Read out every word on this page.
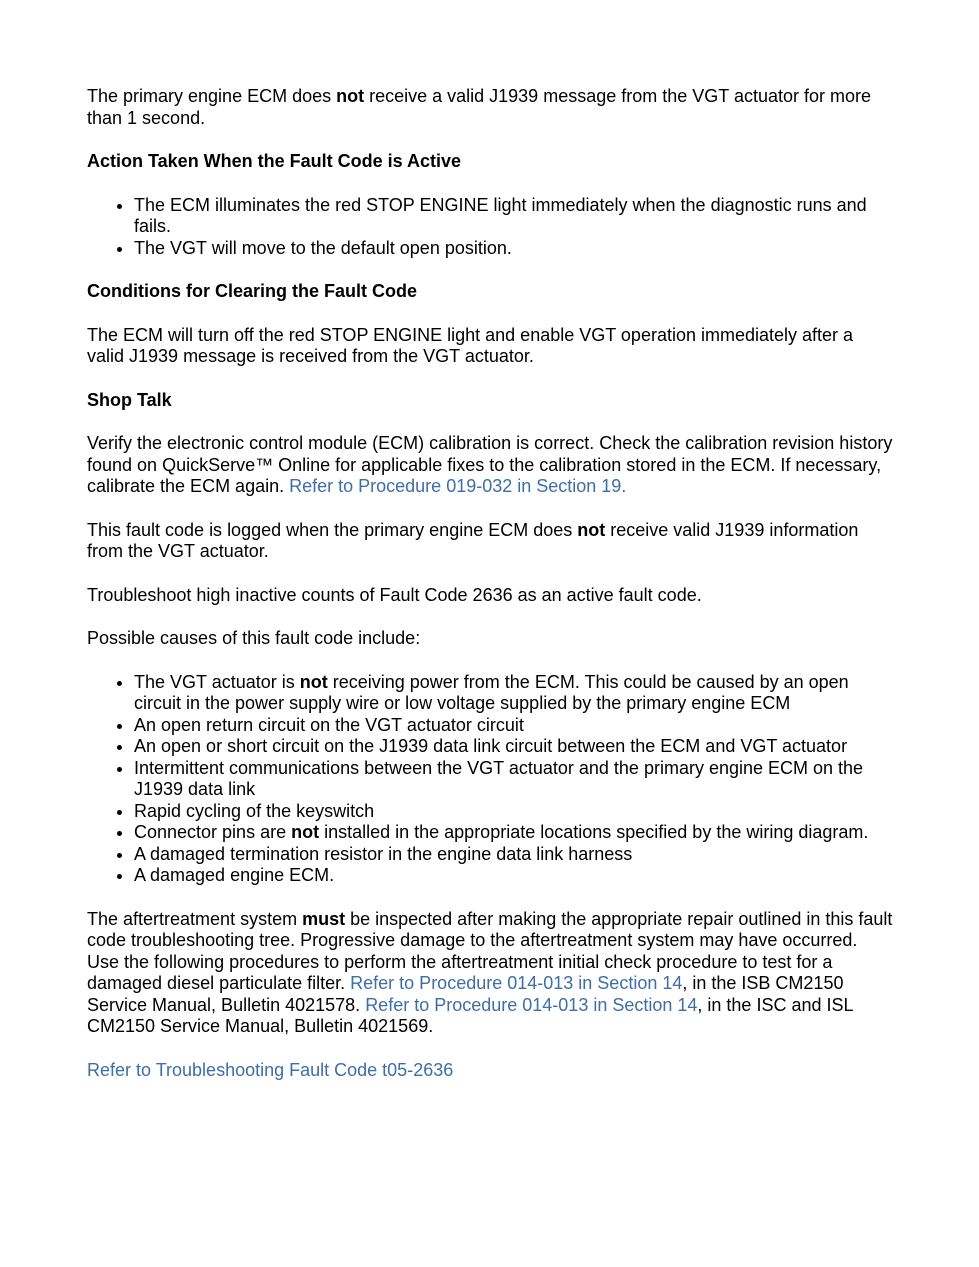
The primary engine ECM does not receive a valid J1939 message from the VGT actuator for more than 1 second.

Action Taken When the Fault Code is Active
• The ECM illuminates the red STOP ENGINE light immediately when the diagnostic runs and fails.
• The VGT will move to the default open position.
Conditions for Clearing the Fault Code

The ECM will turn off the red STOP ENGINE light and enable VGT operation immediately after a valid J1939 message is received from the VGT actuator.

Shop Talk

Verify the electronic control module (ECM) calibration is correct. Check the calibration revision history found on QuickServe™ Online for applicable fixes to the calibration stored in the ECM. If necessary, calibrate the ECM again. Refer to Procedure 019-032 in Section 19.

This fault code is logged when the primary engine ECM does not receive valid J1939 information from the VGT actuator.

Troubleshoot high inactive counts of Fault Code 2636 as an active fault code.

Possible causes of this fault code include:

• The VGT actuator is not receiving power from the ECM. This could be caused by an open circuit in the power supply wire or low voltage supplied by the primary engine ECM
• An open return circuit on the VGT actuator circuit
• An open or short circuit on the J1939 data link circuit between the ECM and VGT actuator
• Intermittent communications between the VGT actuator and the primary engine ECM on the J1939 data link
• Rapid cycling of the keyswitch
• Connector pins are not installed in the appropriate locations specified by the wiring diagram.
• A damaged termination resistor in the engine data link harness
• A damaged engine ECM.

The aftertreatment system must be inspected after making the appropriate repair outlined in this fault code troubleshooting tree. Progressive damage to the aftertreatment system may have occurred. Use the following procedures to perform the aftertreatment initial check procedure to test for a damaged diesel particulate filter. Refer to Procedure 014-013 in Section 14, in the ISB CM2150 Service Manual, Bulletin 4021578. Refer to Procedure 014-013 in Section 14, in the ISC and ISL CM2150 Service Manual, Bulletin 4021569.

Refer to Troubleshooting Fault Code t05-2636
